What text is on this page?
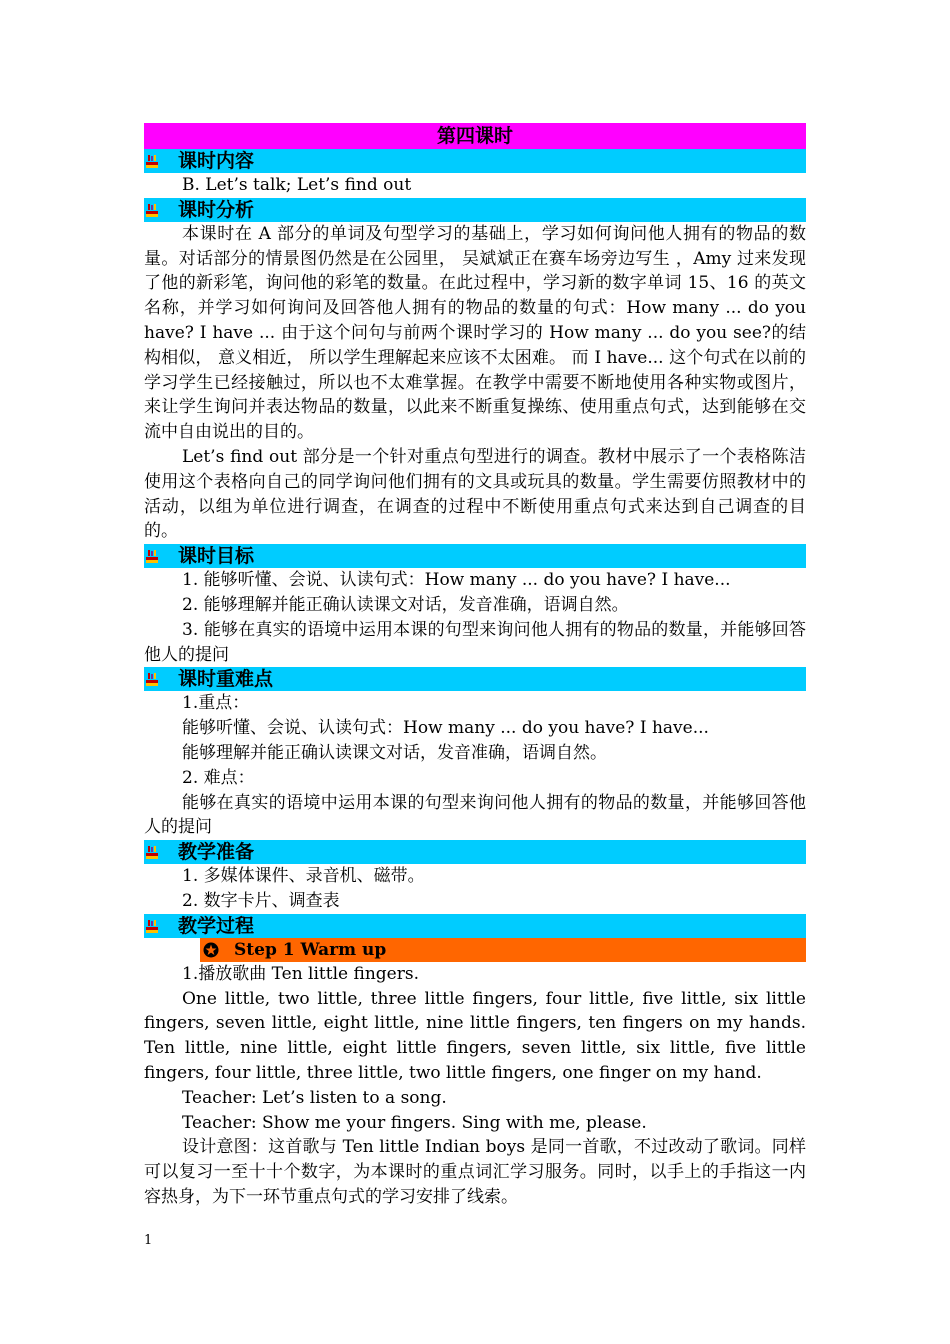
第四课时
课时内容

B. Let’s talk; Let’s find out

课时分析

本课时在 A 部分的单词及句型学习的基础上，学习如何询问他人拥有的物品的数量。对话部分的情景图仍然是在公园里， 吴斌斌正在赛车场旁边写生 ，Amy 过来发现了他的新彩笔，询问他的彩笔的数量。在此过程中，学习新的数字单词 15、16 的英文名称，并学习如何询问及回答他人拥有的物品的数量的句式：How many ... do you have? I have ... 由于这个问句与前两个课时学习的 How many ... do you see?的结构相似， 意义相近， 所以学生理解起来应该不太困难。 而 I have... 这个句式在以前的学习学生已经接触过，所以也不太难掌握。在教学中需要不断地使用各种实物或图片，来让学生询问并表达物品的数量，以此来不断重复操练、使用重点句式，达到能够在交流中自由说出的目的。

Let’s find out 部分是一个针对重点句型进行的调查。教材中展示了一个表格陈洁使用这个表格向自己的同学询问他们拥有的文具或玩具的数量。学生需要仿照教材中的活动，以组为单位进行调查，在调查的过程中不断使用重点句式来达到自己调查的目的。

课时目标

1. 能够听懂、会说、认读句式：How many ... do you have? I have...

2. 能够理解并能正确认读课文对话，发音准确，语调自然。

3. 能够在真实的语境中运用本课的句型来询问他人拥有的物品的数量，并能够回答他人的提问

课时重难点

1.重点：

能够听懂、会说、认读句式：How many ... do you have? I have...

能够理解并能正确认读课文对话，发音准确，语调自然。

2. 难点：

能够在真实的语境中运用本课的句型来询问他人拥有的物品的数量，并能够回答他人的提问

教学准备

1. 多媒体课件、录音机、磁带。

2. 数字卡片、调查表

教学过程
Step 1 Warm up

1.播放歌曲 Ten little fingers.

One little, two little, three little fingers, four little, five little, six little fingers, seven little, eight little, nine little fingers, ten fingers on my hands. Ten little, nine little, eight little fingers, seven little, six little, five little fingers, four little, three little, two little fingers, one finger on my hand.

Teacher: Let’s listen to a song.

Teacher: Show me your fingers. Sing with me, please.

设计意图：这首歌与 Ten little Indian boys 是同一首歌，不过改动了歌词。同样可以复习一至十十个数字，为本课时的重点词汇学习服务。同时，以手上的手指这一内容热身，为下一环节重点句式的学习安排了线索。

1
